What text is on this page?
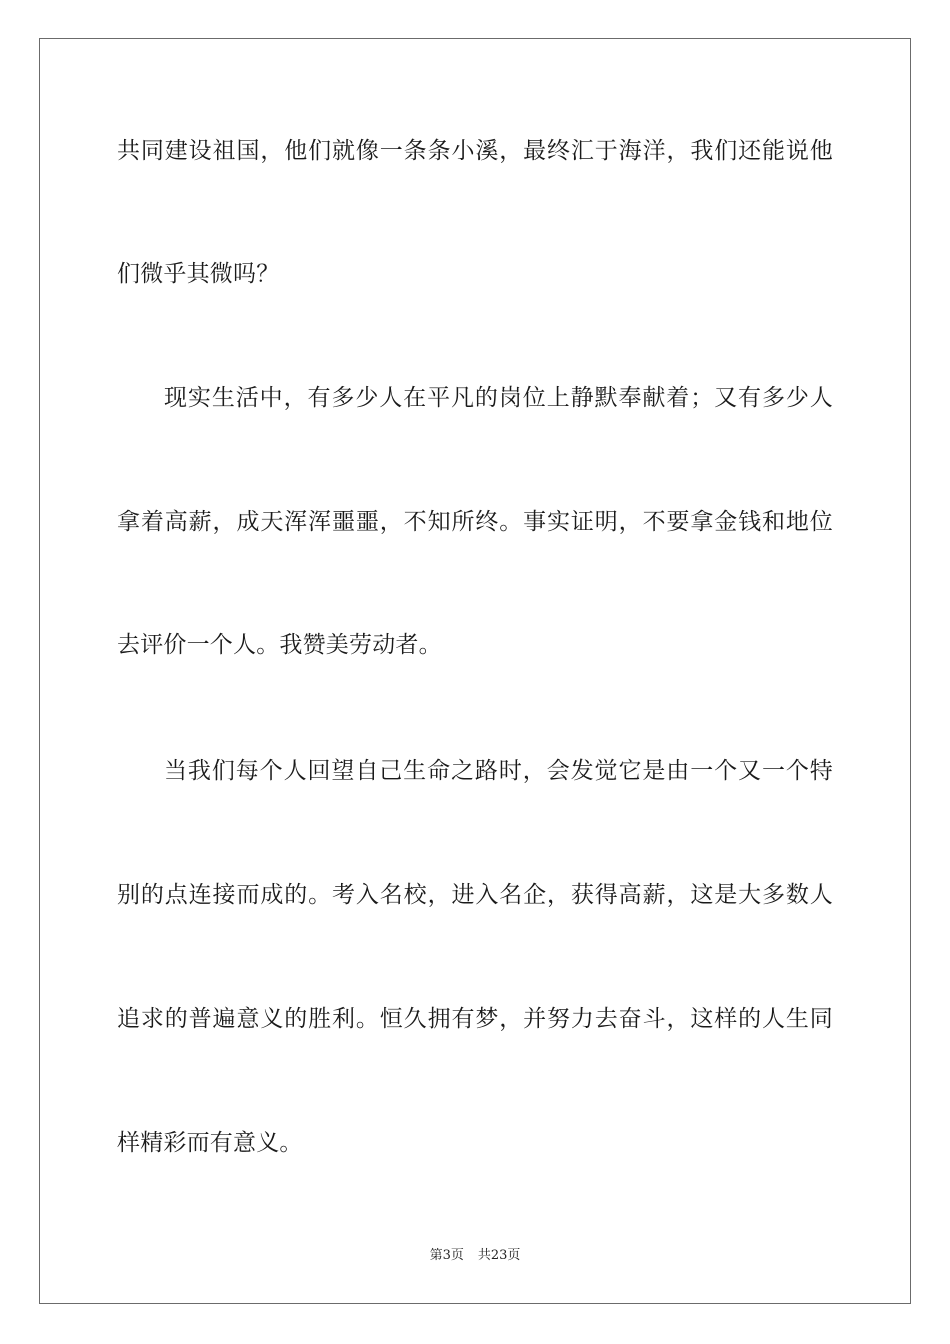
共同建设祖国，他们就像一条条小溪，最终汇于海洋，我们还能说他
们微乎其微吗？
现实生活中，有多少人在平凡的岗位上静默奉献着；又有多少人
拿着高薪，成天浑浑噩噩，不知所终。事实证明，不要拿金钱和地位
去评价一个人。我赞美劳动者。
当我们每个人回望自己生命之路时，会发觉它是由一个又一个特
别的点连接而成的。考入名校，进入名企，获得高薪，这是大多数人
追求的普遍意义的胜利。恒久拥有梦，并努力去奋斗，这样的人生同
样精彩而有意义。
第3页 共23页
